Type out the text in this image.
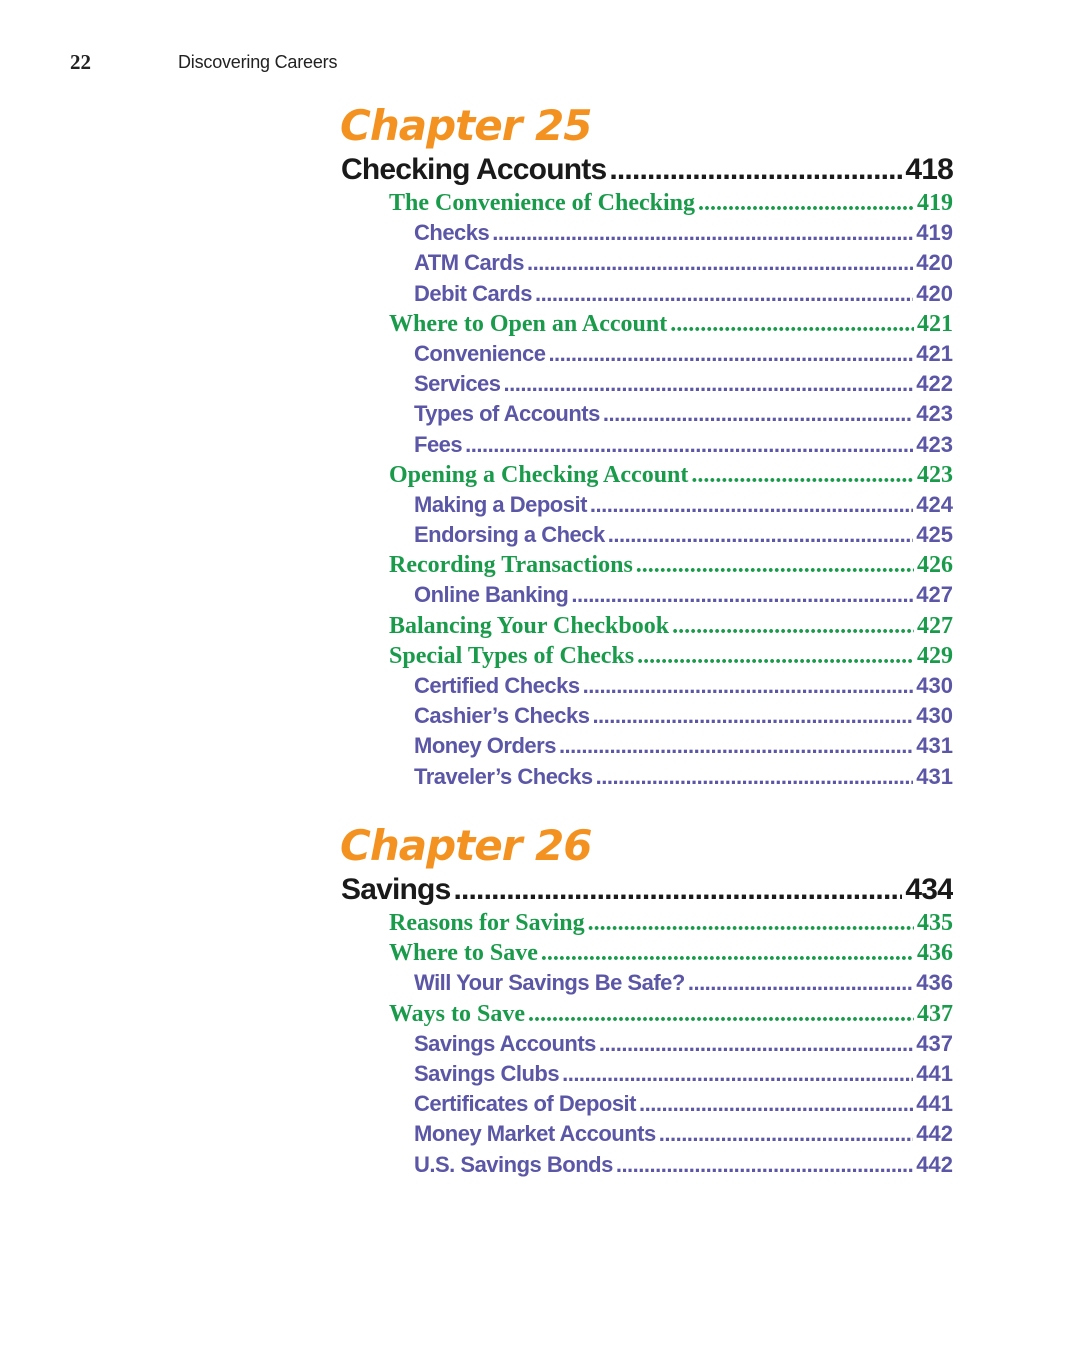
22	Discovering Careers
Chapter 25
Checking Accounts .....	418
The Convenience of Checking .....	419
Checks .....	419
ATM Cards .....	420
Debit Cards .....	420
Where to Open an Account .....	421
Convenience .....	421
Services .....	422
Types of Accounts .....	423
Fees .....	423
Opening a Checking Account .....	423
Making a Deposit .....	424
Endorsing a Check .....	425
Recording Transactions .....	426
Online Banking .....	427
Balancing Your Checkbook .....	427
Special Types of Checks .....	429
Certified Checks .....	430
Cashier’s Checks .....	430
Money Orders .....	431
Traveler’s Checks .....	431
Chapter 26
Savings .....	434
Reasons for Saving .....	435
Where to Save .....	436
Will Your Savings Be Safe? .....	436
Ways to Save .....	437
Savings Accounts .....	437
Savings Clubs .....	441
Certificates of Deposit .....	441
Money Market Accounts .....	442
U.S. Savings Bonds .....	442
